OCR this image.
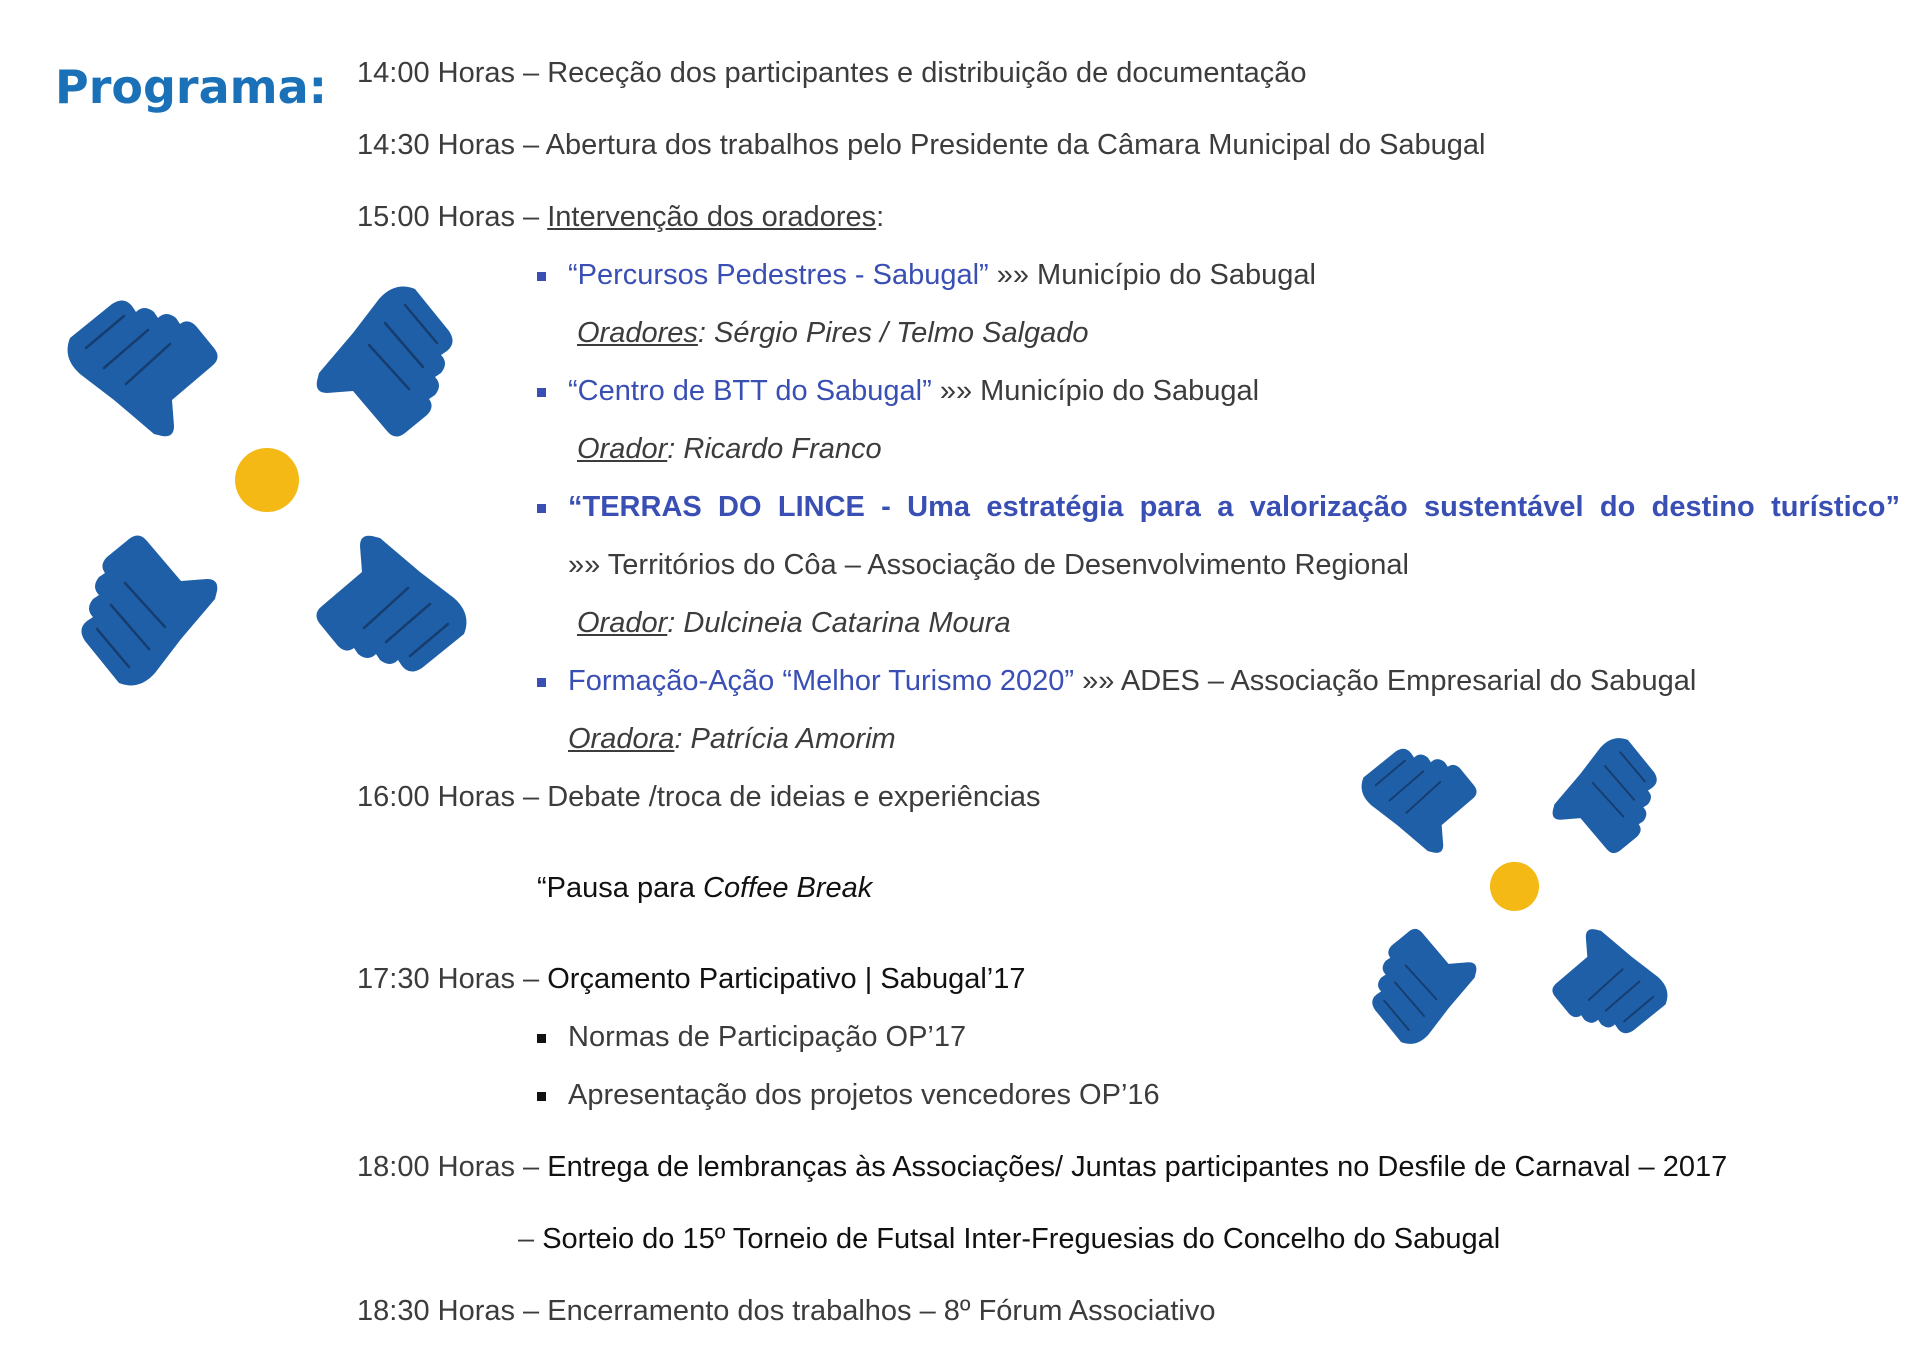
Programa: 14:00 Horas – Receção dos participantes e distribuição de documentação
14:30 Horas – Abertura dos trabalhos pelo Presidente da Câmara Municipal do Sabugal
15:00 Horas – Intervenção dos oradores:
“Percursos Pedestres - Sabugal” »» Município do Sabugal
Oradores: Sérgio Pires / Telmo Salgado
“Centro de BTT do Sabugal” »» Município do Sabugal
Orador: Ricardo Franco
“TERRAS DO LINCE - Uma estratégia para a valorização sustentável do destino turístico”
»» Territórios do Côa – Associação de Desenvolvimento Regional
Orador: Dulcineia Catarina Moura
Formação-Ação “Melhor Turismo 2020” »» ADES – Associação Empresarial do Sabugal
Oradora: Patrícia Amorim
16:00 Horas – Debate /troca de ideias e experiências
“Pausa para Coffee Break
17:30 Horas – Orçamento Participativo | Sabugal’17
Normas de Participação OP’17
Apresentação dos projetos vencedores OP’16
18:00 Horas – Entrega de lembranças às Associações/ Juntas participantes no Desfile de Carnaval – 2017
– Sorteio do 15º Torneio de Futsal Inter-Freguesias do Concelho do Sabugal
18:30 Horas – Encerramento dos trabalhos – 8º Fórum Associativo
